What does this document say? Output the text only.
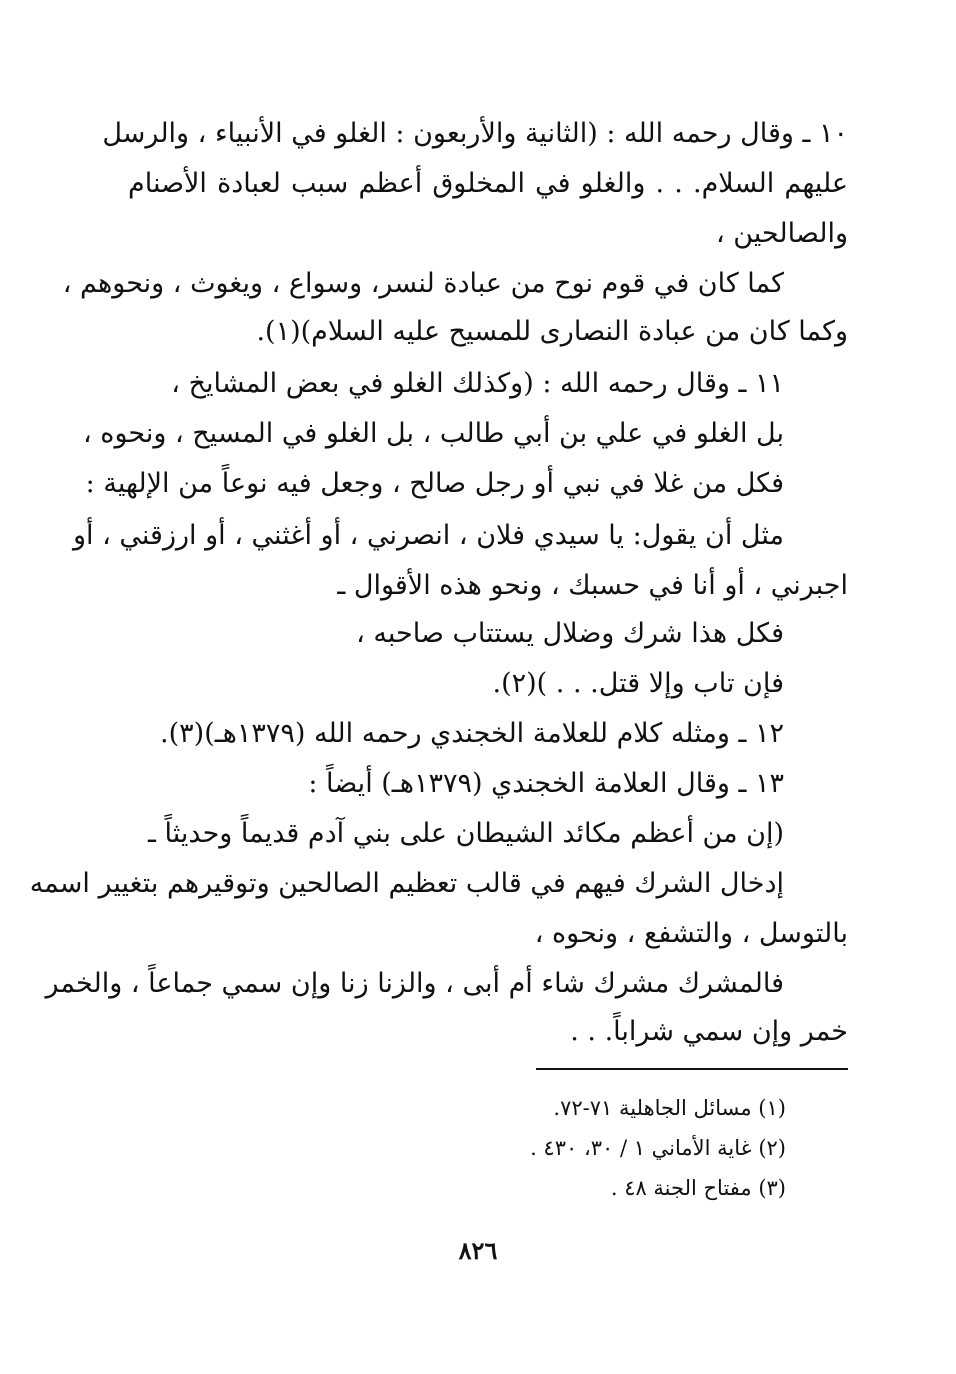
١٠ ـ وقال رحمه الله : (الثانية والأربعون : الغلو في الأنبياء ، والرسل
عليهم السلام. . . والغلو في المخلوق أعظم سبب لعبادة الأصنام
والصالحين ،
كما كان في قوم نوح من عبادة لنسر، وسواع ، ويغوث ، ونحوهم ،
وكما كان من عبادة النصارى للمسيح عليه السلام)(١).
١١ ـ وقال رحمه الله : (وكذلك الغلو في بعض المشايخ ،
بل الغلو في علي بن أبي طالب ، بل الغلو في المسيح ، ونحوه ،
فكل من غلا في نبي أو رجل صالح ، وجعل فيه نوعاً من الإلهية :
مثل أن يقول: يا سيدي فلان ، انصرني ، أو أغثني ، أو ارزقني ، أو
اجبرني ، أو أنا في حسبك ، ونحو هذه الأقوال ـ
فكل هذا شرك وضلال يستتاب صاحبه ،
فإن تاب وإلا قتل. . . )(٢).
١٢ ـ ومثله كلام للعلامة الخجندي رحمه الله (١٣٧٩هـ)(٣).
١٣ ـ وقال العلامة الخجندي (١٣٧٩هـ) أيضاً :
(إن من أعظم مكائد الشيطان على بني آدم قديماً وحديثاً ـ
إدخال الشرك فيهم في قالب تعظيم الصالحين وتوقيرهم بتغيير اسمه
بالتوسل ، والتشفع ، ونحوه ،
فالمشرك مشرك شاء أم أبى ، والزنا زنا وإن سمي جماعاً ، والخمر
خمر وإن سمي شراباً. . .
(١) مسائل الجاهلية ٧١-٧٢.
(٢) غاية الأماني ١ / ٣٠، ٤٣٠ .
(٣) مفتاح الجنة ٤٨ .
٨٢٦
